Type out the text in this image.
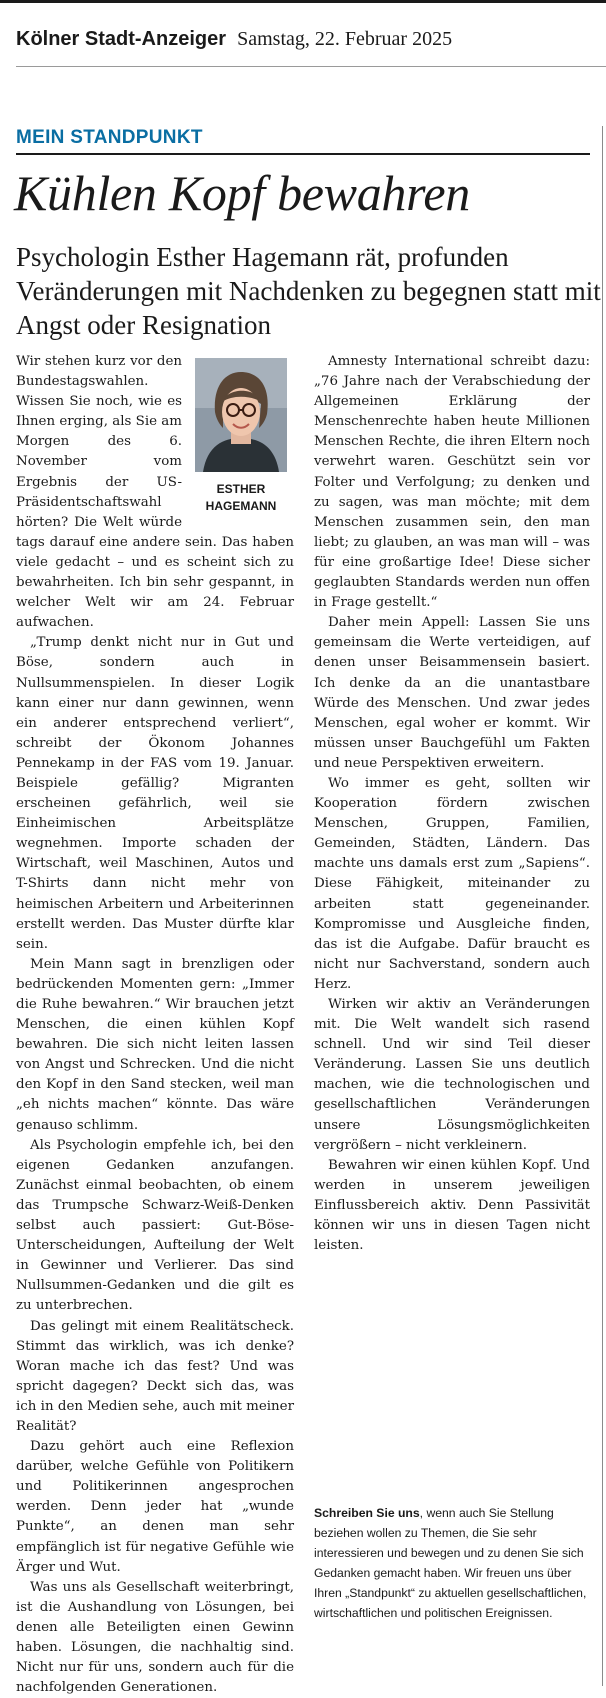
Kölner Stadt-Anzeiger Samstag, 22. Februar 2025
MEIN STANDPUNKT
Kühlen Kopf bewahren
Psychologin Esther Hagemann rät, profunden Veränderungen mit Nachdenken zu begegnen statt mit Angst oder Resignation
ESTHER
HAGEMANN

Wir stehen kurz vor den Bundestagswahlen. Wissen Sie noch, wie es Ihnen erging, als Sie am Morgen des 6. November vom Ergebnis der US-Präsidentschaftswahl hörten? Die Welt würde tags darauf eine andere sein. Das haben viele gedacht – und es scheint sich zu bewahrheiten. Ich bin sehr gespannt, in welcher Welt wir am 24. Februar aufwachen.

„Trump denkt nicht nur in Gut und Böse, sondern auch in Nullsummenspielen. In dieser Logik kann einer nur dann gewinnen, wenn ein anderer entsprechend verliert“, schreibt der Ökonom Johannes Pennekamp in der FAS vom 19. Januar. Beispiele gefällig? Migranten erscheinen gefährlich, weil sie Einheimischen Arbeitsplätze wegnehmen. Importe schaden der Wirtschaft, weil Maschinen, Autos und T-Shirts dann nicht mehr von heimischen Arbeitern und Arbeiterinnen erstellt werden. Das Muster dürfte klar sein.

Mein Mann sagt in brenzligen oder bedrückenden Momenten gern: „Immer die Ruhe bewahren.“ Wir brauchen jetzt Menschen, die einen kühlen Kopf bewahren. Die sich nicht leiten lassen von Angst und Schrecken. Und die nicht den Kopf in den Sand stecken, weil man „eh nichts machen“ könnte. Das wäre genauso schlimm.

Als Psychologin empfehle ich, bei den eigenen Gedanken anzufangen. Zunächst einmal beobachten, ob einem das Trumpsche Schwarz-Weiß-Denken selbst auch passiert: Gut-Böse-Unterscheidungen, Aufteilung der Welt in Gewinner und Verlierer. Das sind Nullsummen-Gedanken und die gilt es zu unterbrechen.

Das gelingt mit einem Realitätscheck. Stimmt das wirklich, was ich denke? Woran mache ich das fest? Und was spricht dagegen? Deckt sich das, was ich in den Medien sehe, auch mit meiner Realität?

Dazu gehört auch eine Reflexion darüber, welche Gefühle von Politikern und Politikerinnen angesprochen werden. Denn jeder hat „wunde Punkte“, an denen man sehr empfänglich ist für negative Gefühle wie Ärger und Wut.

Was uns als Gesellschaft weiterbringt, ist die Aushandlung von Lösungen, bei denen alle Beteiligten einen Gewinn haben. Lösungen, die nachhaltig sind. Nicht nur für uns, sondern auch für die nachfolgenden Generationen.

Amnesty International schreibt dazu: „76 Jahre nach der Verabschiedung der Allgemeinen Erklärung der Menschenrechte haben heute Millionen Menschen Rechte, die ihren Eltern noch verwehrt waren. Geschützt sein vor Folter und Verfolgung; zu denken und zu sagen, was man möchte; mit dem Menschen zusammen sein, den man liebt; zu glauben, an was man will – was für eine großartige Idee! Diese sicher geglaubten Standards werden nun offen in Frage gestellt.“

Daher mein Appell: Lassen Sie uns gemeinsam die Werte verteidigen, auf denen unser Beisammensein basiert. Ich denke da an die unantastbare Würde des Menschen. Und zwar jedes Menschen, egal woher er kommt. Wir müssen unser Bauchgefühl um Fakten und neue Perspektiven erweitern.

Wo immer es geht, sollten wir Kooperation fördern zwischen Menschen, Gruppen, Familien, Gemeinden, Städten, Ländern. Das machte uns damals erst zum „Sapiens“. Diese Fähigkeit, miteinander zu arbeiten statt gegeneinander. Kompromisse und Ausgleiche finden, das ist die Aufgabe. Dafür braucht es nicht nur Sachverstand, sondern auch Herz.

Wirken wir aktiv an Veränderungen mit. Die Welt wandelt sich rasend schnell. Und wir sind Teil dieser Veränderung. Lassen Sie uns deutlich machen, wie die technologischen und gesellschaftlichen Veränderungen unsere Lösungsmöglichkeiten vergrößern – nicht verkleinern.

Bewahren wir einen kühlen Kopf. Und werden in unserem jeweiligen Einflussbereich aktiv. Denn Passivität können wir uns in diesen Tagen nicht leisten.

Schreiben Sie uns, wenn auch Sie Stellung beziehen wollen zu Themen, die Sie sehr interessieren und bewegen und zu denen Sie sich Gedanken gemacht haben. Wir freuen uns über Ihren „Standpunkt“ zu aktuellen gesellschaftlichen, wirtschaftlichen und politischen Ereignissen.
